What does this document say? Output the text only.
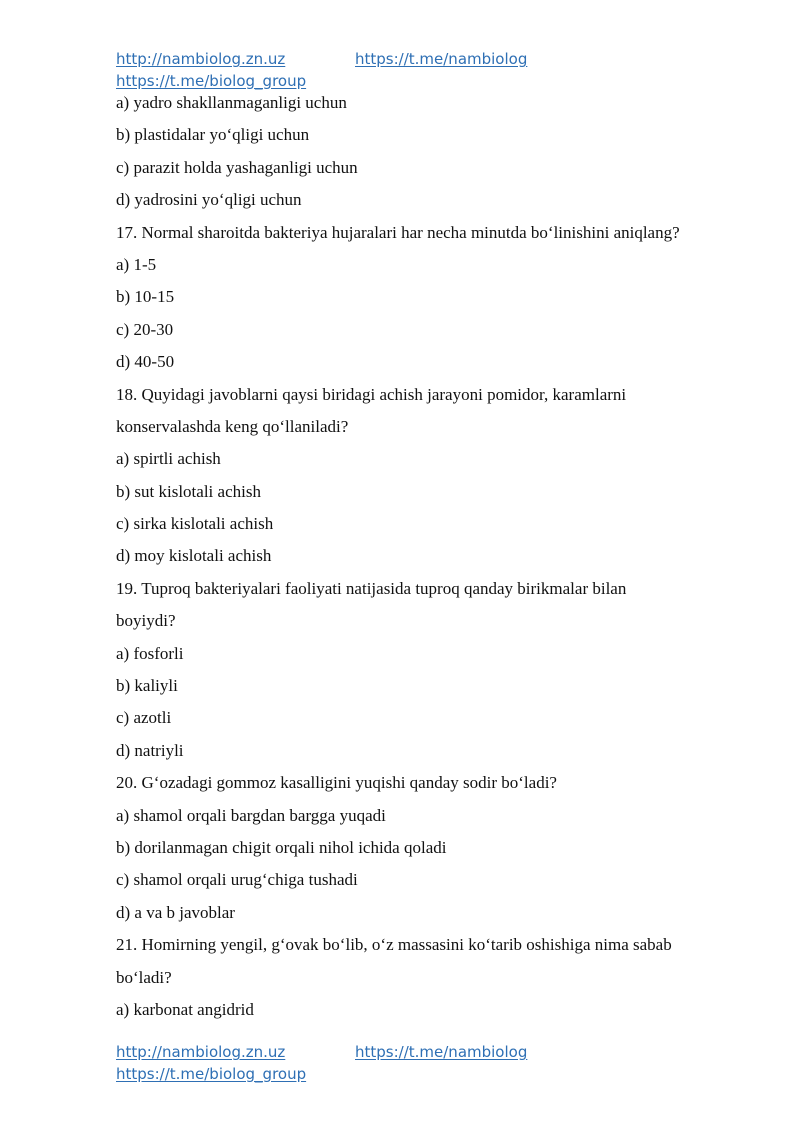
http://nambiolog.zn.uz
https://t.me/biolog_group
https://t.me/nambiolog
a) yadro shakllanmaganligi uchun
b) plastidalar yoʻqligi uchun
c) parazit holda yashaganligi uchun
d) yadrosini yoʻqligi uchun
17. Normal sharoitda bakteriya hujaralari har necha minutda boʻlinishini aniqlang?
a) 1-5
b) 10-15
c) 20-30
d) 40-50
18. Quyidagi javoblarni qaysi biridagi achish jarayoni pomidor, karamlarni
konservalashda keng qoʻllaniladi?
a) spirtli achish
b) sut kislotali achish
c) sirka kislotali achish
d) moy kislotali achish
19. Tuproq bakteriyalari faoliyati natijasida tuproq qanday birikmalar bilan
boyiydi?
a) fosforli
b) kaliyli
c) azotli
d) natriyli
20. Gʻozadagi gommoz kasalligini yuqishi qanday sodir boʻladi?
a) shamol orqali bargdan bargga yuqadi
b) dorilanmagan chigit orqali nihol ichida qoladi
c) shamol orqali urugʻchiga tushadi
d) a va b javoblar
21. Homirning yengil, gʻovak boʻlib, oʻz massasini koʻtarib oshishiga nima sabab
boʻladi?
a) karbonat angidrid
http://nambiolog.zn.uz
https://t.me/biolog_group
https://t.me/nambiolog
